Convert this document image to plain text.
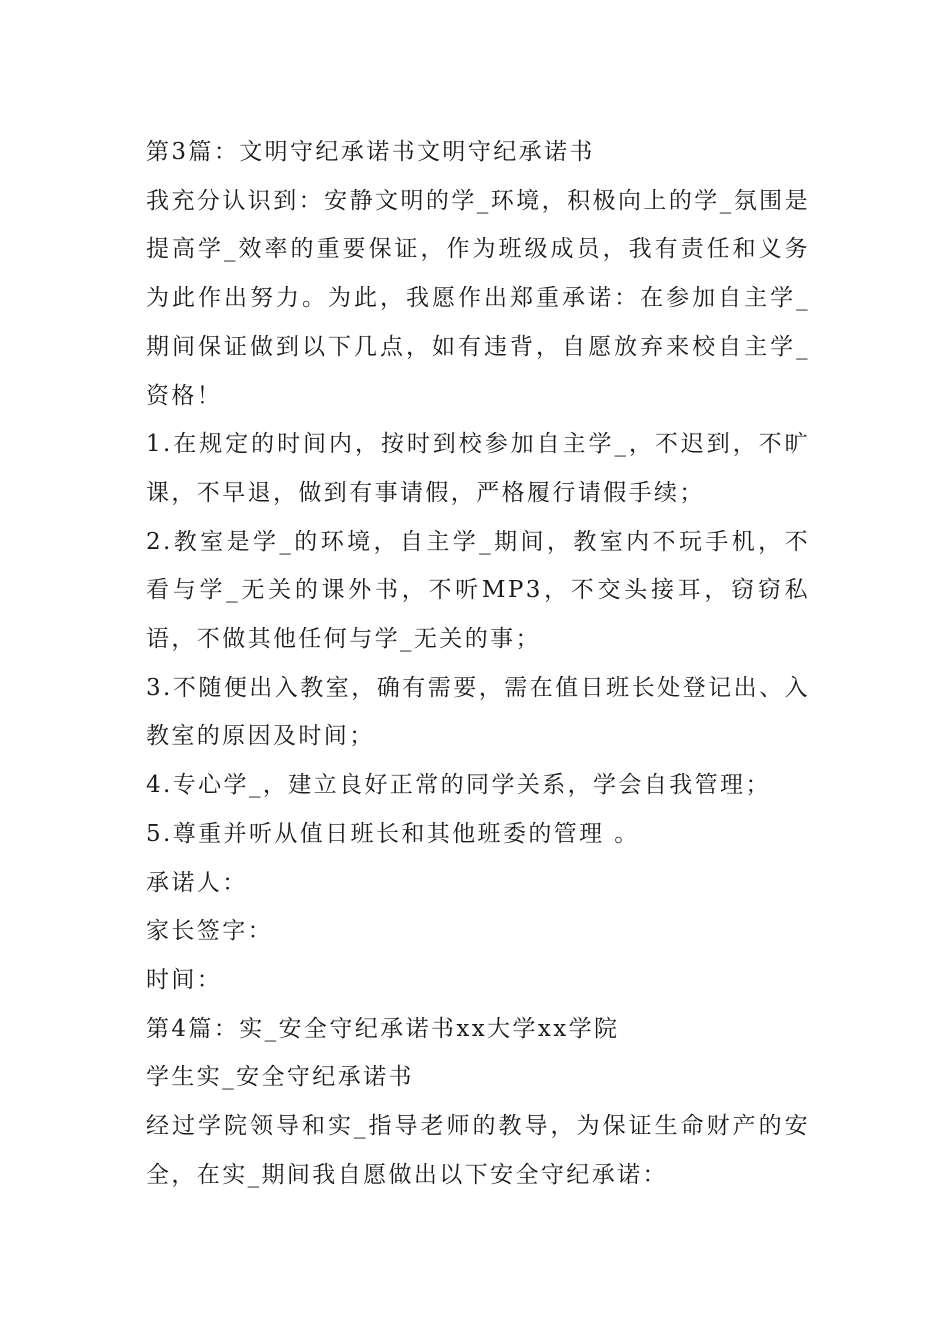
第3篇：文明守纪承诺书文明守纪承诺书

我充分认识到：安静文明的学_环境，积极向上的学_氛围是提高学_效率的重要保证，作为班级成员，我有责任和义务为此作出努力。为此，我愿作出郑重承诺：在参加自主学_期间保证做到以下几点，如有违背，自愿放弃来校自主学_资格！

1.在规定的时间内，按时到校参加自主学_，不迟到，不旷课，不早退，做到有事请假，严格履行请假手续；

2.教室是学_的环境，自主学_期间，教室内不玩手机，不看与学_无关的课外书，不听MP3，不交头接耳，窃窃私语，不做其他任何与学_无关的事；

3.不随便出入教室，确有需要，需在值日班长处登记出、入教室的原因及时间；

4.专心学_，建立良好正常的同学关系，学会自我管理；

5.尊重并听从值日班长和其他班委的管理 。

承诺人：

家长签字：

时间：

第4篇：实_安全守纪承诺书xx大学xx学院

学生实_安全守纪承诺书

经过学院领导和实_指导老师的教导，为保证生命财产的安全，在实_期间我自愿做出以下安全守纪承诺：
